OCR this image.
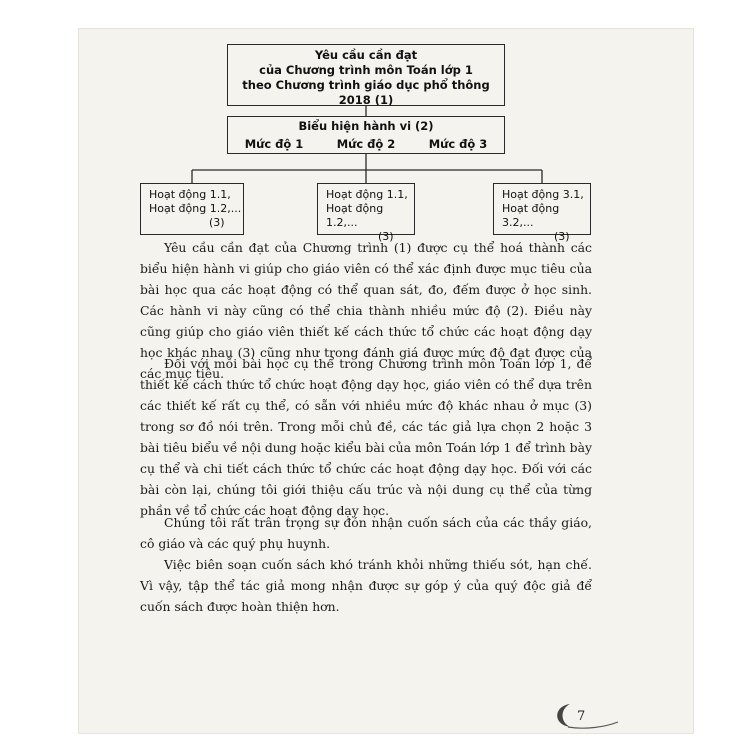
Yêu cầu cần đạt
của Chương trình môn Toán lớp 1
theo Chương trình giáo dục phổ thông 2018 (1)
Biểu hiện hành vi (2)
Mức độ 1	Mức độ 2	Mức độ 3
Hoạt động 1.1,
Hoạt động 1.2,...
(3)
Hoạt động 1.1,
Hoạt động 1.2,...
(3)
Hoạt động 3.1,
Hoạt động 3.2,...
(3)

Yêu cầu cần đạt của Chương trình (1) được cụ thể hoá thành các biểu hiện hành vi giúp cho giáo viên có thể xác định được mục tiêu của bài học qua các hoạt động có thể quan sát, đo, đếm được ở học sinh. Các hành vi này cũng có thể chia thành nhiều mức độ (2). Điều này cũng giúp cho giáo viên thiết kế cách thức tổ chức các hoạt động dạy học khác nhau (3) cũng như trong đánh giá được mức độ đạt được của các mục tiêu.

Đối với mỗi bài học cụ thể trong Chương trình môn Toán lớp 1, để thiết kế cách thức tổ chức hoạt động dạy học, giáo viên có thể dựa trên các thiết kế rất cụ thể, có sẵn với nhiều mức độ khác nhau ở mục (3) trong sơ đồ nói trên. Trong mỗi chủ đề, các tác giả lựa chọn 2 hoặc 3 bài tiêu biểu về nội dung hoặc kiểu bài của môn Toán lớp 1 để trình bày cụ thể và chi tiết cách thức tổ chức các hoạt động dạy học. Đối với các bài còn lại, chúng tôi giới thiệu cấu trúc và nội dung cụ thể của từng phần về tổ chức các hoạt động dạy học.

Chúng tôi rất trân trọng sự đón nhận cuốn sách của các thầy giáo, cô giáo và các quý phụ huynh.

Việc biên soạn cuốn sách khó tránh khỏi những thiếu sót, hạn chế. Vì vậy, tập thể tác giả mong nhận được sự góp ý của quý độc giả để cuốn sách được hoàn thiện hơn.

7
